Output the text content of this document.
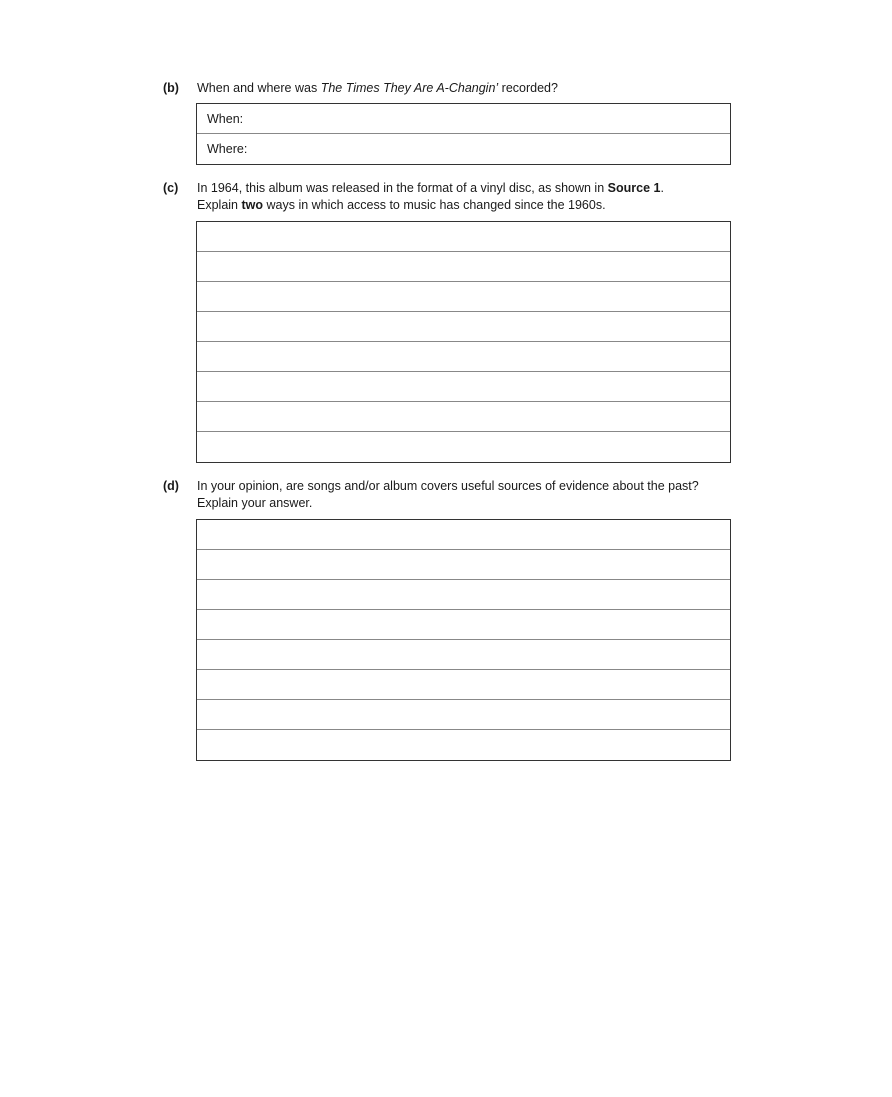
(b) When and where was The Times They Are A-Changin’ recorded?
When:
Where:
(c) In 1964, this album was released in the format of a vinyl disc, as shown in Source 1.
Explain two ways in which access to music has changed since the 1960s.
(d) In your opinion, are songs and/or album covers useful sources of evidence about the past?
Explain your answer.
